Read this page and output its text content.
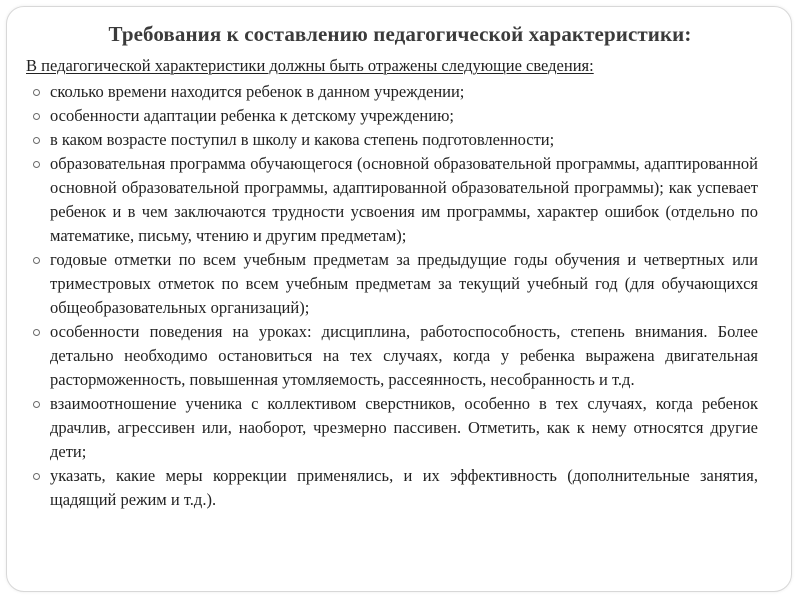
Требования к составлению педагогической характеристики:

В педагогической характеристики должны быть отражены следующие сведения:

сколько времени находится ребенок в данном учреждении;
особенности адаптации ребенка к детскому учреждению;
в каком возрасте поступил в школу и какова степень подготовленности;
образовательная программа обучающегося (основной образовательной программы, адаптированной основной образовательной программы, адаптированной образовательной программы); как успевает ребенок и в чем заключаются трудности усвоения им программы, характер ошибок (отдельно по математике, письму, чтению и другим предметам);
годовые отметки по всем учебным предметам за предыдущие годы обучения и четвертных или триместровых отметок по всем учебным предметам за текущий учебный год (для обучающихся общеобразовательных организаций);
особенности поведения на уроках: дисциплина, работоспособность, степень внимания. Более детально необходимо остановиться на тех случаях, когда у ребенка выражена двигательная расторможенность, повышенная утомляемость, рассеянность, несобранность и т.д.
взаимоотношение ученика с коллективом сверстников, особенно в тех случаях, когда ребенок драчлив, агрессивен или, наоборот, чрезмерно пассивен. Отметить, как к нему относятся другие дети;
указать, какие меры коррекции применялись, и их эффективность (дополнительные занятия, щадящий режим и т.д.).
